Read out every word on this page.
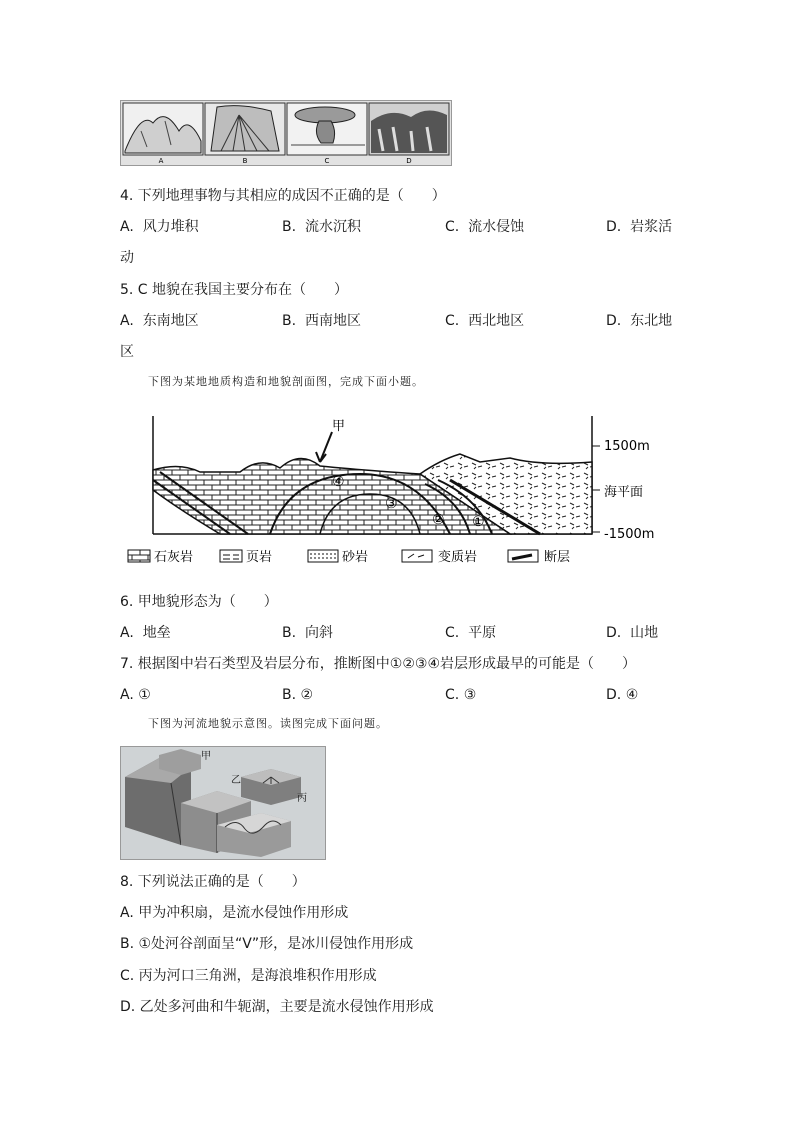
A	B	C	D
4. 下列地理事物与其相应的成因不正确的是（　　）
A. 风力堆积	B. 流水沉积	C. 流水侵蚀	D. 岩浆活
动
5. C 地貌在我国主要分布在（　　）
A. 东南地区	B. 西南地区	C. 西北地区	D. 东北地
区
下图为某地地质构造和地貌剖面图，完成下面小题。
甲
①
②
③
④
1500m
海平面
-1500m
石灰岩	页岩	砂岩	变质岩	断层
6. 甲地貌形态为（　　）
A. 地垒	B. 向斜	C. 平原	D. 山地
7. 根据图中岩石类型及岩层分布，推断图中①②③④岩层形成最早的可能是（　　）
A. ①	B. ②	C. ③	D. ④
下图为河流地貌示意图。读图完成下面问题。
甲
乙
丙
8. 下列说法正确的是（　　）
A. 甲为冲积扇，是流水侵蚀作用形成
B. ①处河谷剖面呈“V”形，是冰川侵蚀作用形成
C. 丙为河口三角洲，是海浪堆积作用形成
D. 乙处多河曲和牛轭湖，主要是流水侵蚀作用形成
